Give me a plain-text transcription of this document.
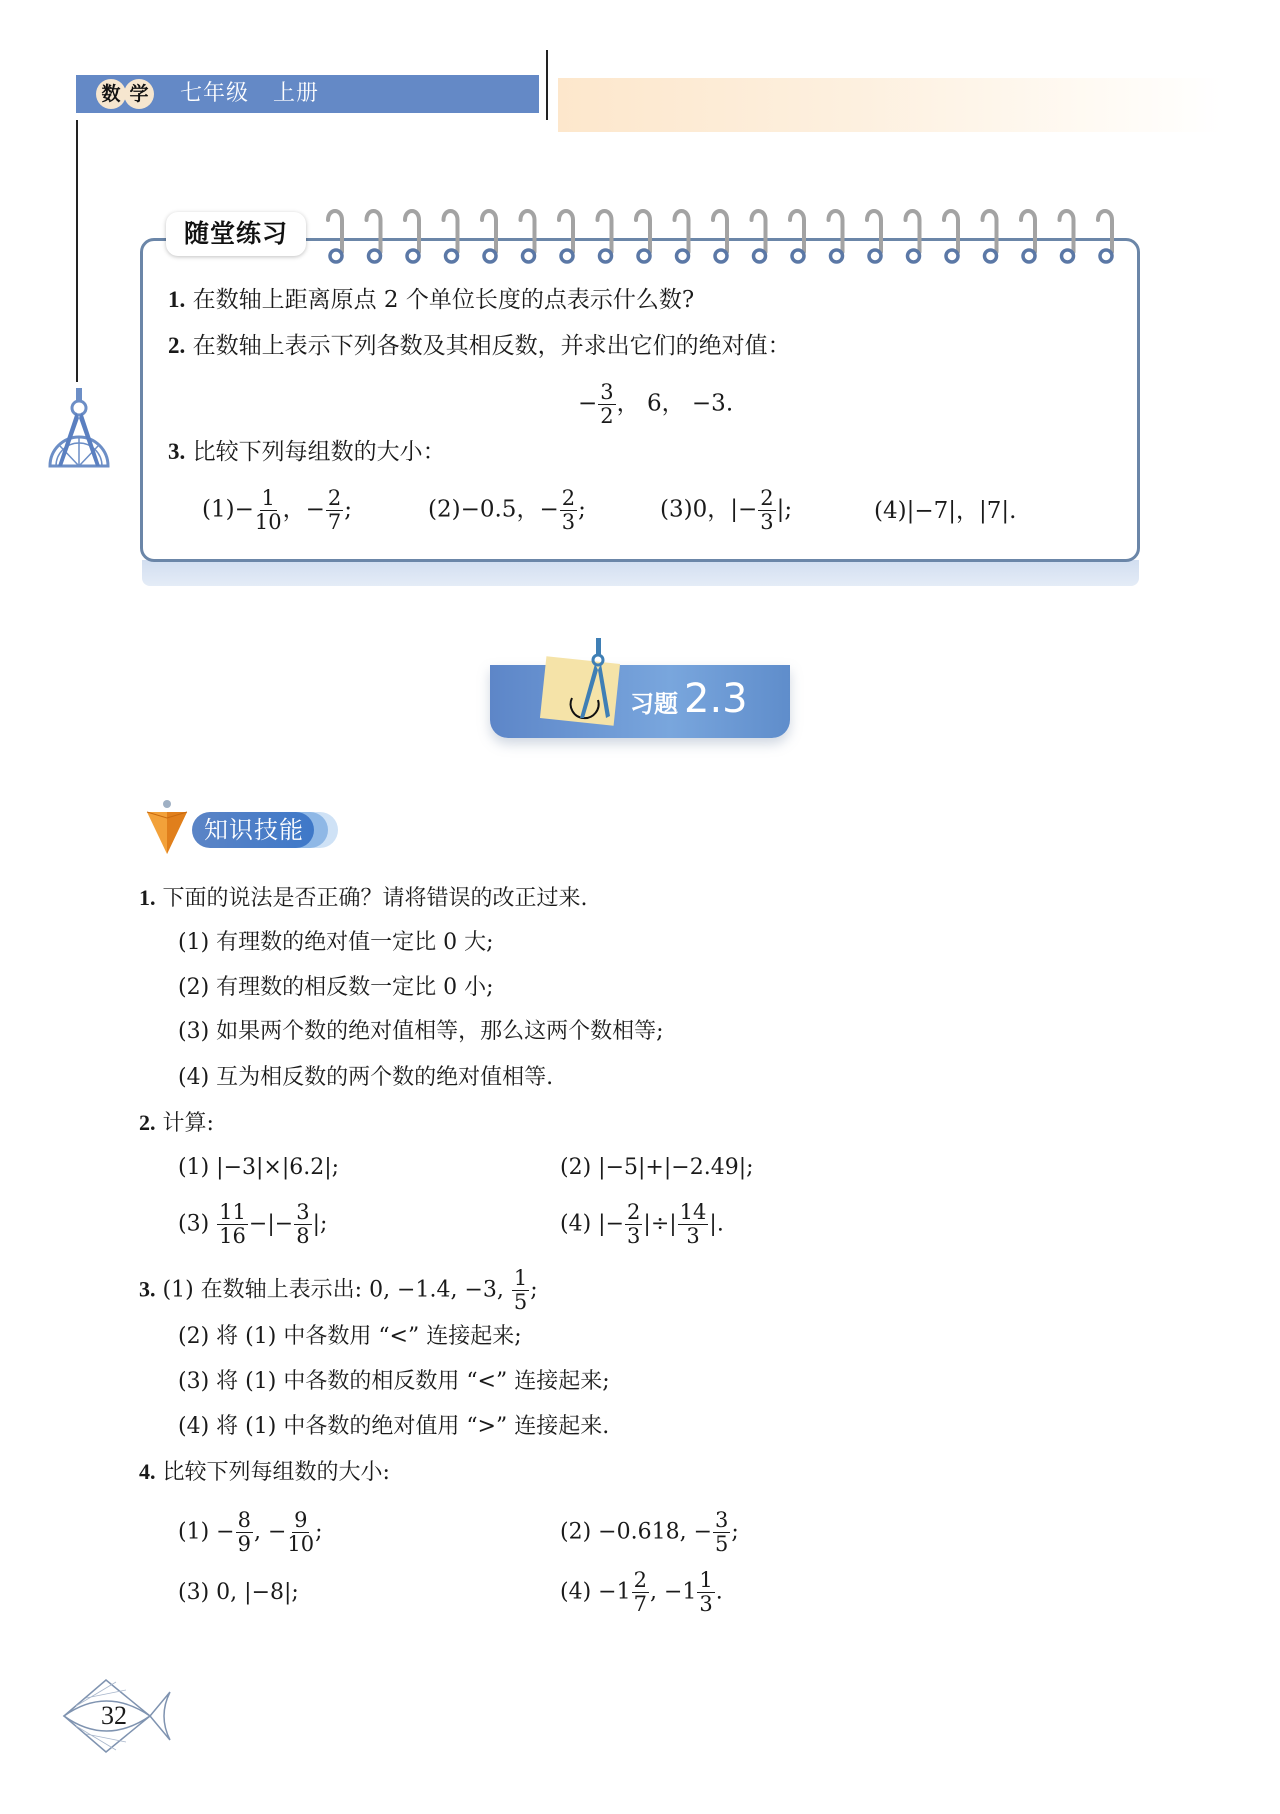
数 学 七年级   上册
随堂练习
1. 在数轴上距离原点 2 个单位长度的点表示什么数?
2. 在数轴上表示下列各数及其相反数，并求出它们的绝对值：
− $\frac{3}{2}$ ， 6， −3.
3. 比较下列每组数的大小：
$(1)- \frac{1}{10}$ ，− $\frac{2}{7}$ ;	(2)−0.5，− $\frac{2}{3}$ ;	(3)0，|− $\frac{2}{3}$ |;	(4)|−7|，|7|.
习题 2.3
知识技能
1. 下面的说法是否正确？请将错误的改正过来.
(1) 有理数的绝对值一定比 0 大;
(2) 有理数的相反数一定比 0 小;
(3) 如果两个数的绝对值相等，那么这两个数相等;
(4) 互为相反数的两个数的绝对值相等.
2. 计算:
(1) |−3|×|6.2|;	(2) |−5|+|−2.49|;
$(3) \frac{11}{16}$ −|− $\frac{3}{8}$ |;	(4) |− $\frac{2}{3}$ |÷| $\frac{14}{3}$ |.
3. (1) 在数轴上表示出: 0, −1.4, −3, $\frac{1}{5}$ ;
(2) 将 (1) 中各数用 “<” 连接起来;
(3) 将 (1) 中各数的相反数用 “<” 连接起来;
(4) 将 (1) 中各数的绝对值用 “>” 连接起来.
4. 比较下列每组数的大小:
$(1) - \frac{8}{9}$ , − $\frac{9}{10}$ ;	(2) −0.618, − $\frac{3}{5}$ ;
(3) 0, |−8|;	$(4) -1 \frac{2}{7}$ , $-1 \frac{1}{3}$ .
32
